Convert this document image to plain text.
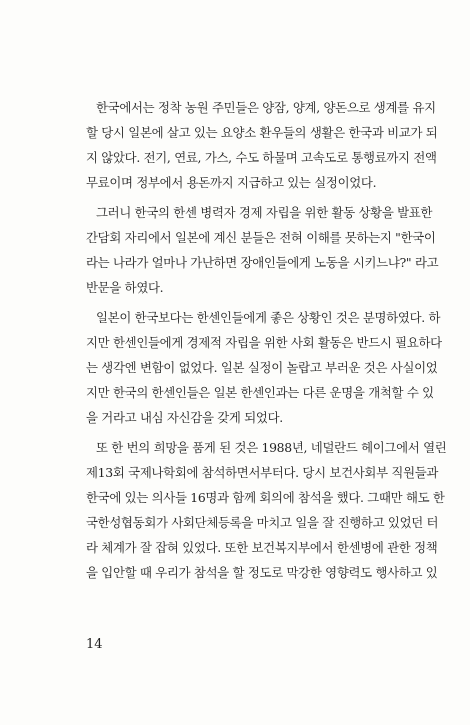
한국에서는 정착 농원 주민들은 양잠, 양계, 양돈으로 생계를 유지
할 당시 일본에 살고 있는 요양소 환우들의 생활은 한국과 비교가 되
지 않았다. 전기, 연료, 가스, 수도 하물며 고속도로 통행료까지 전액
무료이며 정부에서 용돈까지 지급하고 있는 실정이었다.
그러니 한국의 한센 병력자 경제 자립을 위한 활동 상황을 발표한
간담회 자리에서 일본에 계신 분들은 전혀 이해를 못하는지 "한국이
라는 나라가 얼마나 가난하면 장애인들에게 노동을 시키느냐?" 라고
반문을 하였다.
일본이 한국보다는 한센인들에게 좋은 상황인 것은 분명하였다. 하
지만 한센인들에게 경제적 자립을 위한 사회 활동은 반드시 필요하다
는 생각엔 변함이 없었다. 일본 실정이 놀랍고 부러운 것은 사실이었
지만 한국의 한센인들은 일본 한센인과는 다른 운명을 개척할 수 있
을 거라고 내심 자신감을 갖게 되었다.
또 한 번의 희망을 품게 된 것은 1988년, 네덜란드 헤이그에서 열린
제13회 국제나학회에 참석하면서부터다. 당시 보건사회부 직원들과
한국에 있는 의사들 16명과 함께 회의에 참석을 했다. 그때만 해도 한
국한성협동회가 사회단체등록을 마치고 일을 잘 진행하고 있었던 터
라 체계가 잘 잡혀 있었다. 또한 보건복지부에서 한센병에 관한 정책
을 입안할 때 우리가 참석을 할 정도로 막강한 영향력도 행사하고 있
14
